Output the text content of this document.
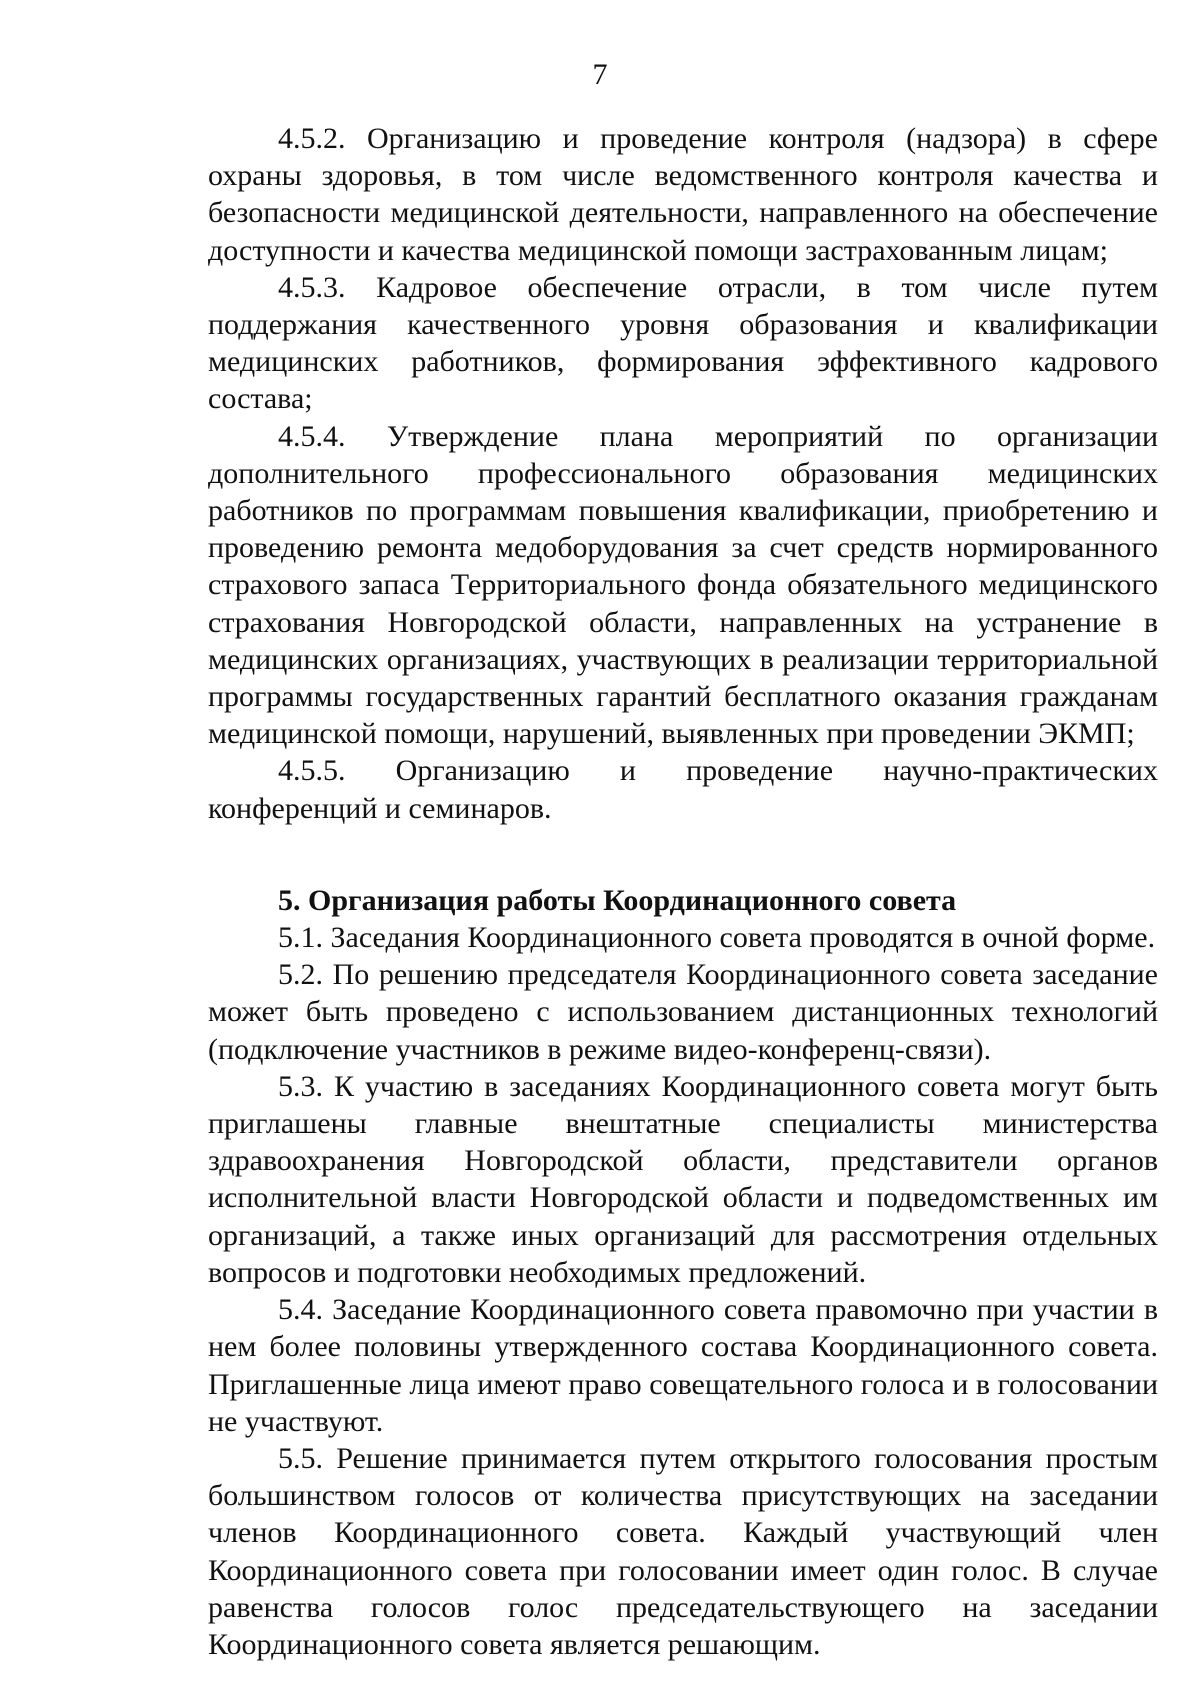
7

4.5.2. Организацию и проведение контроля (надзора) в сфере охраны здоровья, в том числе ведомственного контроля качества и безопасности медицинской деятельности, направленного на обеспечение доступности и качества медицинской помощи застрахованным лицам;

4.5.3. Кадровое обеспечение отрасли, в том числе путем поддержания качественного уровня образования и квалификации медицинских работников, формирования эффективного кадрового состава;

4.5.4. Утверждение плана мероприятий по организации дополнительного профессионального образования медицинских работников по программам повышения квалификации, приобретению и проведению ремонта медоборудования за счет средств нормированного страхового запаса Территориального фонда обязательного медицинского страхования Новгородской области, направленных на устранение в медицинских организациях, участвующих в реализации территориальной программы государственных гарантий бесплатного оказания гражданам медицинской помощи, нарушений, выявленных при проведении ЭКМП;

4.5.5. Организацию и проведение научно-практических конференций и семинаров.

5. Организация работы Координационного совета

5.1. Заседания Координационного совета проводятся в очной форме.

5.2. По решению председателя Координационного совета заседание может быть проведено с использованием дистанционных технологий (подключение участников в режиме видео-конференц-связи).

5.3. К участию в заседаниях Координационного совета могут быть приглашены главные внештатные специалисты министерства здравоохранения Новгородской области, представители органов исполнительной власти Новгородской области и подведомственных им организаций, а также иных организаций для рассмотрения отдельных вопросов и подготовки необходимых предложений.

5.4. Заседание Координационного совета правомочно при участии в нем более половины утвержденного состава Координационного совета. Приглашенные лица имеют право совещательного голоса и в голосовании не участвуют.

5.5. Решение принимается путем открытого голосования простым большинством голосов от количества присутствующих на заседании членов Координационного совета. Каждый участвующий член Координационного совета при голосовании имеет один голос. В случае равенства голосов голос председательствующего на заседании Координационного совета является решающим.
